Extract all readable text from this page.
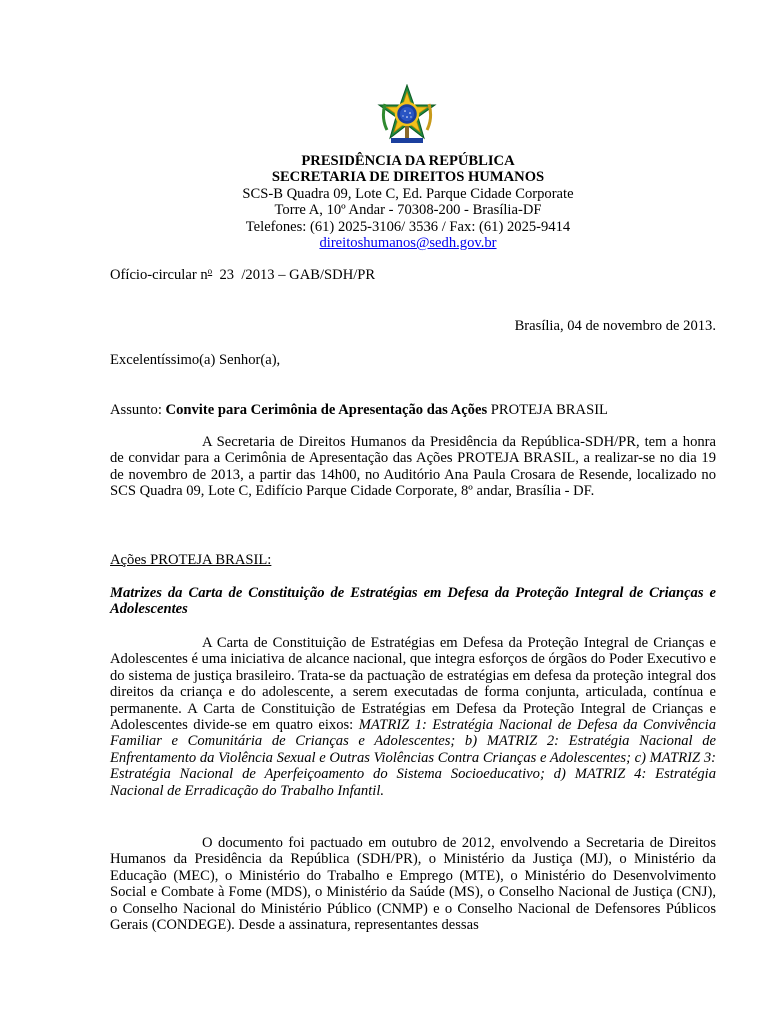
PRESIDÊNCIA DA REPÚBLICA
SECRETARIA DE DIREITOS HUMANOS
SCS-B Quadra 09, Lote C, Ed. Parque Cidade Corporate
Torre A, 10º Andar - 70308-200 - Brasília-DF
Telefones: (61) 2025-3106/ 3536 / Fax: (61) 2025-9414
direitoshumanos@sedh.gov.br
Ofício-circular $n^o$ 23 /2013 – GAB/SDH/PR
Brasília, 04 de novembro de 2013.
Excelentíssimo(a) Senhor(a),
Assunto: Convite para Cerimônia de Apresentação das Ações PROTEJA BRASIL
A Secretaria de Direitos Humanos da Presidência da República-SDH/PR, tem a honra de convidar para a Cerimônia de Apresentação das Ações PROTEJA BRASIL, a realizar-se no dia 19 de novembro de 2013, a partir das 14h00, no Auditório Ana Paula Crosara de Resende, localizado no SCS Quadra 09, Lote C, Edifício Parque Cidade Corporate, 8º andar, Brasília - DF.
Ações PROTEJA BRASIL:
Matrizes da Carta de Constituição de Estratégias em Defesa da Proteção Integral de Crianças e Adolescentes
A Carta de Constituição de Estratégias em Defesa da Proteção Integral de Crianças e Adolescentes é uma iniciativa de alcance nacional, que integra esforços de órgãos do Poder Executivo e do sistema de justiça brasileiro. Trata-se da pactuação de estratégias em defesa da proteção integral dos direitos da criança e do adolescente, a serem executadas de forma conjunta, articulada, contínua e permanente. A Carta de Constituição de Estratégias em Defesa da Proteção Integral de Crianças e Adolescentes divide-se em quatro eixos: MATRIZ 1: Estratégia Nacional de Defesa da Convivência Familiar e Comunitária de Crianças e Adolescentes; b) MATRIZ 2: Estratégia Nacional de Enfrentamento da Violência Sexual e Outras Violências Contra Crianças e Adolescentes; c) MATRIZ 3: Estratégia Nacional de Aperfeiçoamento do Sistema Socioeducativo; d) MATRIZ 4: Estratégia Nacional de Erradicação do Trabalho Infantil.
O documento foi pactuado em outubro de 2012, envolvendo a Secretaria de Direitos Humanos da Presidência da República (SDH/PR), o Ministério da Justiça (MJ), o Ministério da Educação (MEC), o Ministério do Trabalho e Emprego (MTE), o Ministério do Desenvolvimento Social e Combate à Fome (MDS), o Ministério da Saúde (MS), o Conselho Nacional de Justiça (CNJ), o Conselho Nacional do Ministério Público (CNMP) e o Conselho Nacional de Defensores Públicos Gerais (CONDEGE). Desde a assinatura, representantes dessas
